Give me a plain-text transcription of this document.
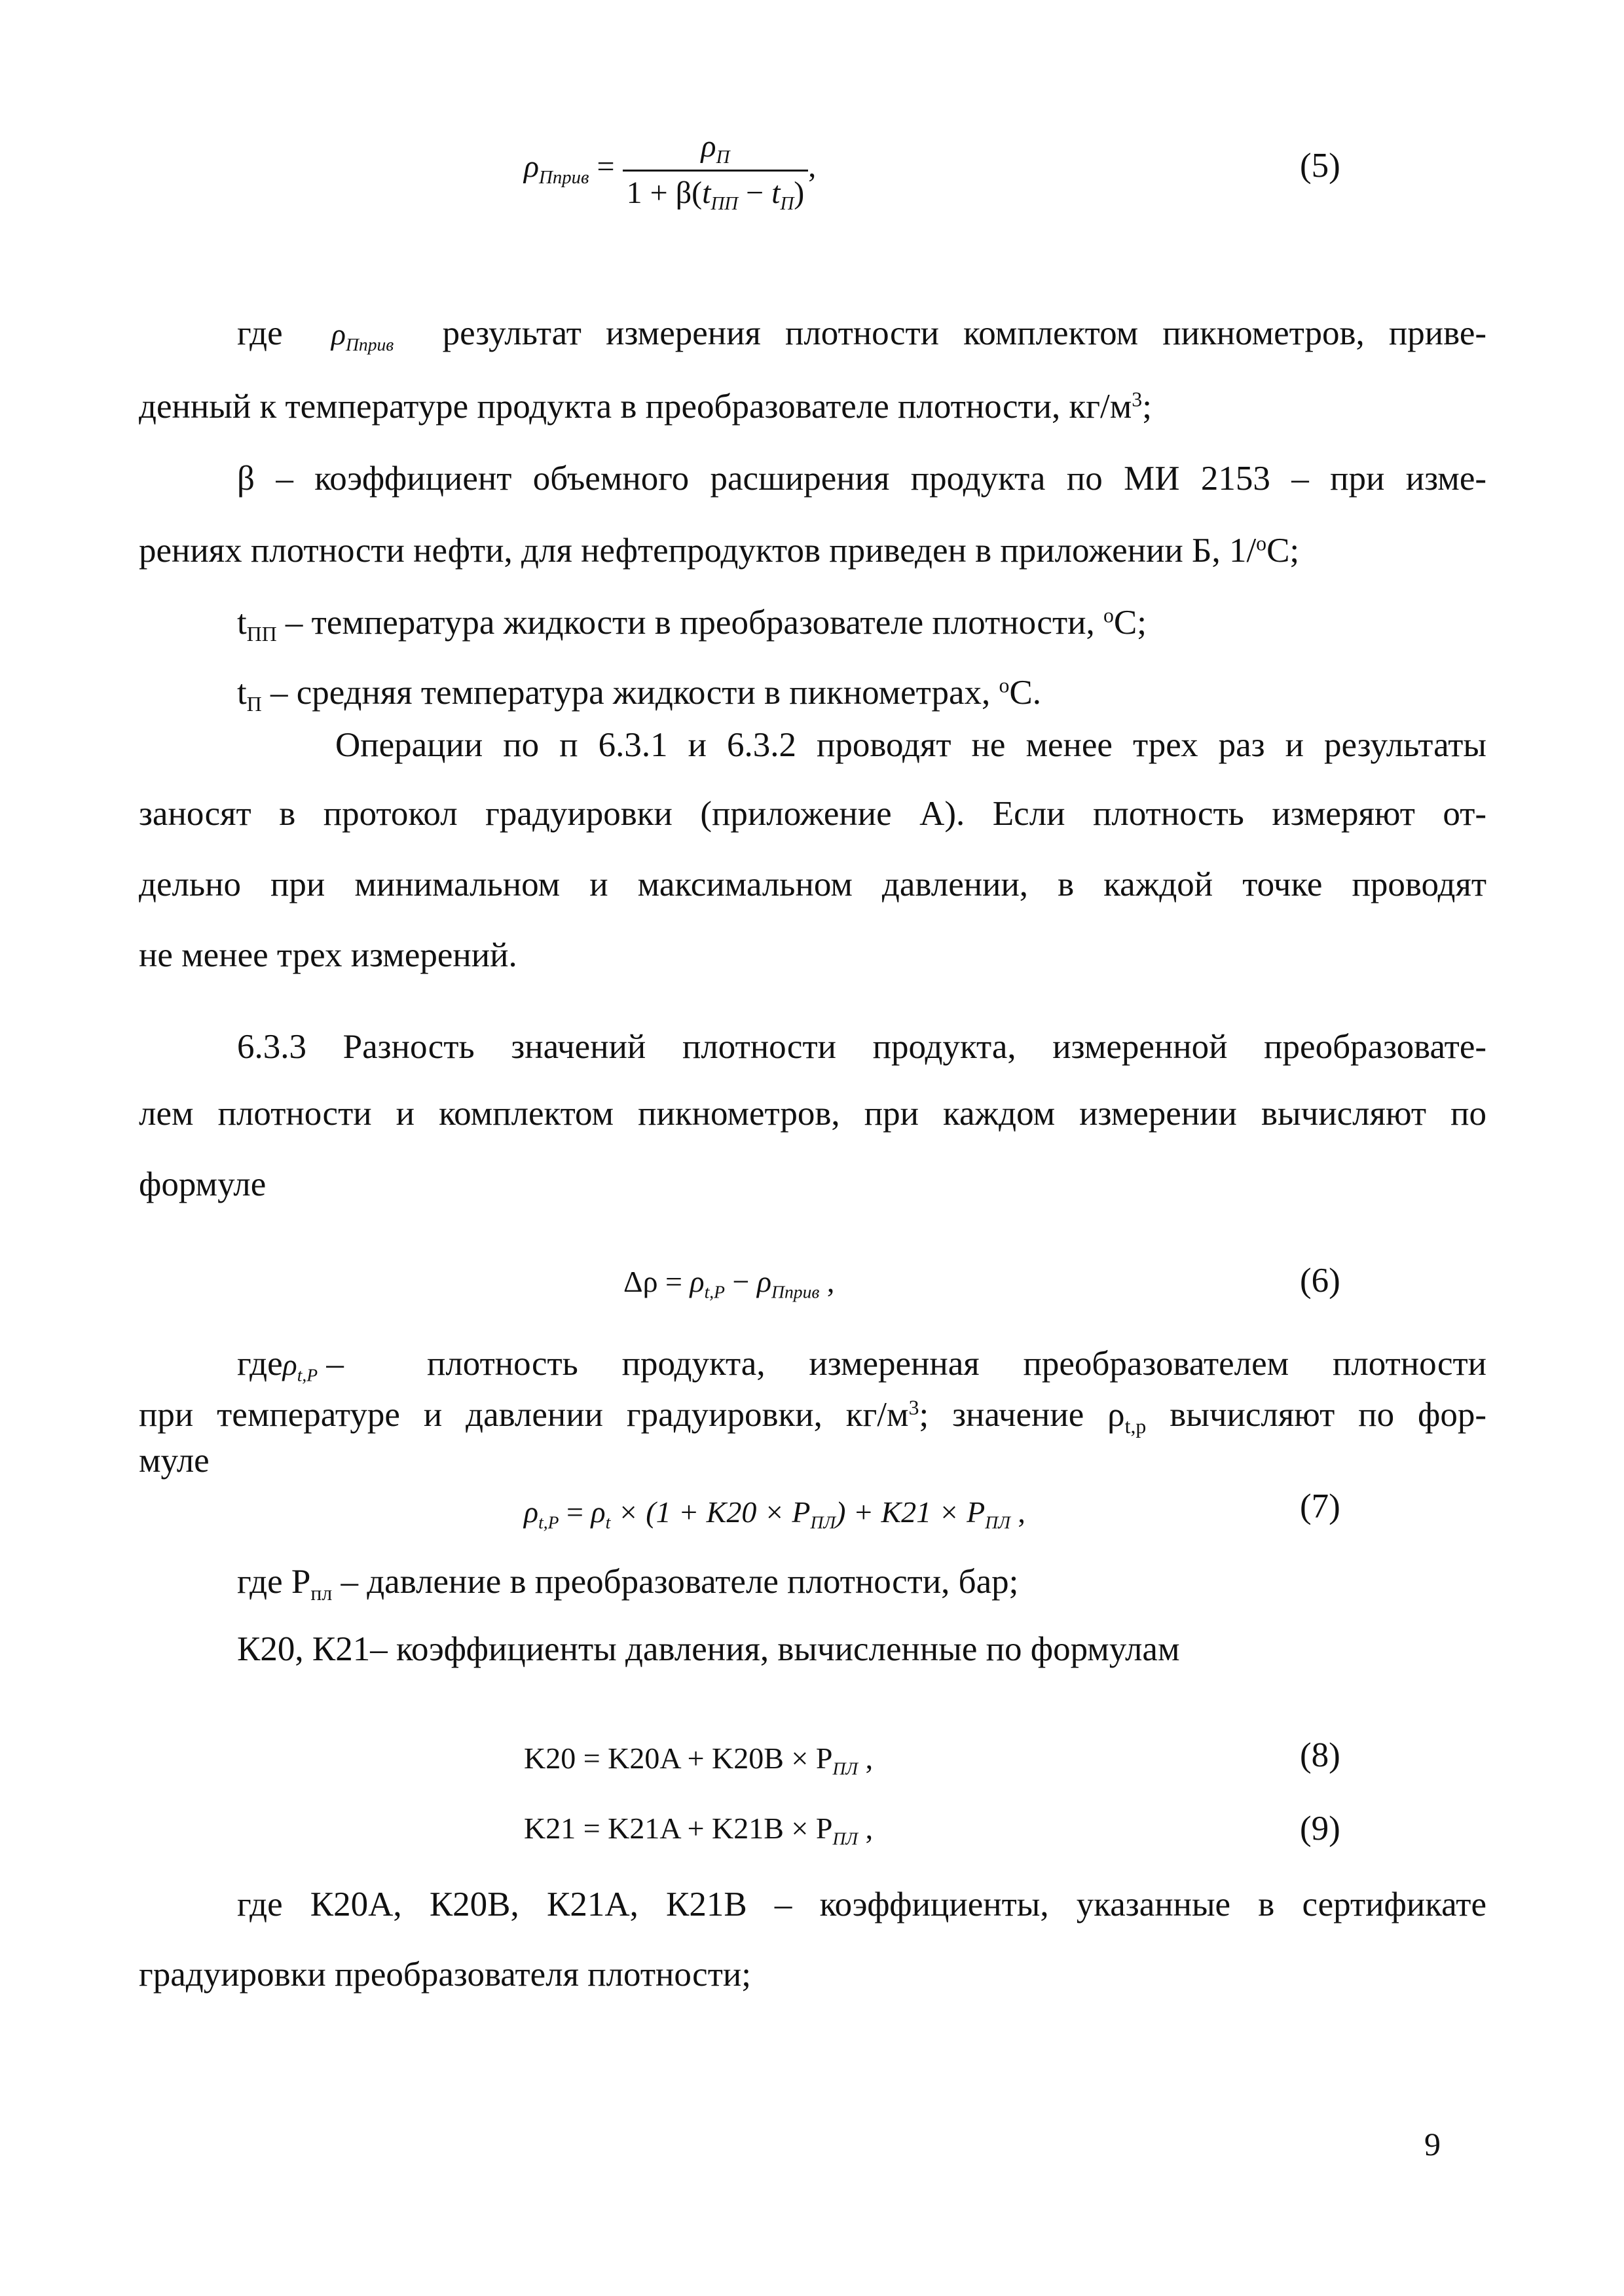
$\rho_{Пприв} = \frac{\rho_П}{1 + \beta(t_{ПП} - t_П)}$ ,	(5)
где $\rho_{Пприв}$ результат измерения плотности комплектом пикнометров, приве-
денный к температуре продукта в преобразователе плотности, $кг/м^3$;
β – коэффициент объемного расширения продукта по МИ 2153 – при изме-
рениях плотности нефти, для нефтепродуктов приведен в приложении Б, 1/$^о$С;
$t_{ПП}$ – температура жидкости в преобразователе плотности, $^о$С;
$t_П$ – средняя температура жидкости в пикнометрах, $^о$С.
Операции по п 6.3.1 и 6.3.2 проводят не менее трех раз и результаты
заносят в протокол градуировки (приложение А). Если плотность измеряют от-
дельно при минимальном и максимальном давлении, в каждой точке проводят
не менее трех измерений.
6.3.3 Разность значений плотности продукта, измеренной преобразовате-
лем плотности и комплектом пикнометров, при каждом измерении вычисляют по
формуле
$\Delta\rho = \rho_{t,P} - \rho_{Пприв}$ ,	(6)
гдеρ$_{t,P}$ – плотность продукта, измеренная преобразователем плотности
при температуре и давлении градуировки, $кг/м^3$; значение $\rho_{t,p}$ вычисляют по фор-
муле
$\rho_{t,P} = \rho_t \times (1 + K20 \times P_{ПЛ}) + K21 \times P_{ПЛ}$ ,	(7)
где $Р_{пл}$ – давление в преобразователе плотности, бар;
К20, К21– коэффициенты давления, вычисленные по формулам
$K20 = K20A + K20B \times P_{ПЛ}$ ,	(8)
$K21 = K21A + K21B \times P_{ПЛ}$ ,	(9)
где К20А, К20В, К21А, К21В – коэффициенты, указанные в сертификате
градуировки преобразователя плотности;
9
